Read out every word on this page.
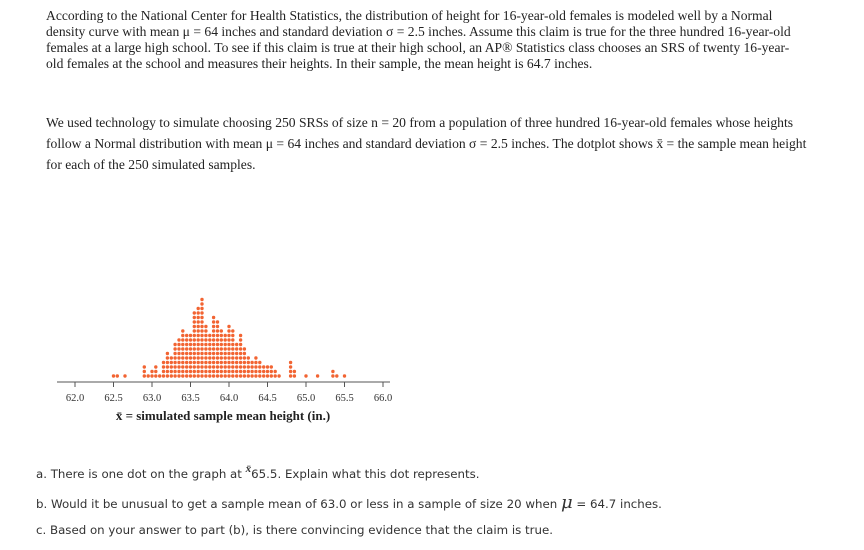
According to the National Center for Health Statistics, the distribution of height for 16-year-old females is modeled well by a Normal density curve with mean μ = 64 inches and standard deviation σ = 2.5 inches. Assume this claim is true for the three hundred 16-year-old females at a large high school. To see if this claim is true at their high school, an AP® Statistics class chooses an SRS of twenty 16-year-old females at the school and measures their heights. In their sample, the mean height is 64.7 inches.

We used technology to simulate choosing 250 SRSs of size n = 20 from a population of three hundred 16-year-old females whose heights follow a Normal distribution with mean μ = 64 inches and standard deviation σ = 2.5 inches. The dotplot shows x̄ = the sample mean height for each of the 250 simulated samples.

62.0 62.5 63.0 63.5 64.0 64.5 65.0 65.5 66.0
x̄ = simulated sample mean height (in.)

a. There is one dot on the graph at x̄65.5. Explain what this dot represents.

b. Would it be unusual to get a sample mean of 63.0 or less in a sample of size 20 when μ = 64.7 inches.

c. Based on your answer to part (b), is there convincing evidence that the claim is true.
